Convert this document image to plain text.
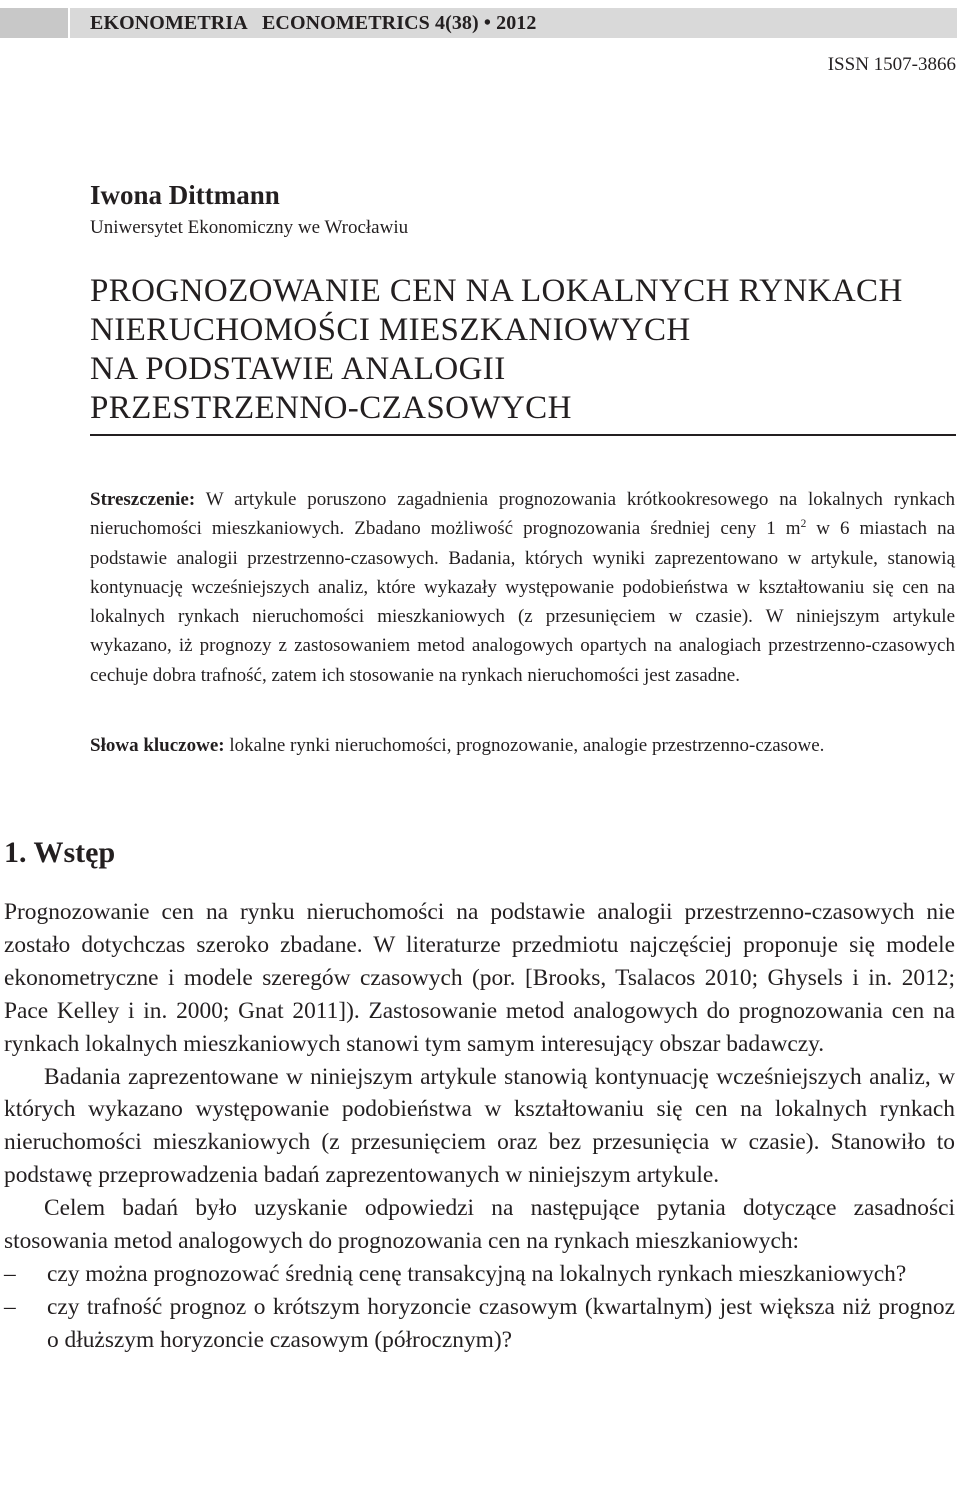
EKONOMETRIA   ECONOMETRICS 4(38) • 2012
ISSN 1507-3866
Iwona Dittmann
Uniwersytet Ekonomiczny we Wrocławiu
PROGNOZOWANIE CEN NA LOKALNYCH RYNKACH
NIERUCHOMOŚCI MIESZKANIOWYCH
NA PODSTAWIE ANALOGII
PRZESTRZENNO-CZASOWYCH
Streszczenie: W artykule poruszono zagadnienia prognozowania krótkookresowego na lokalnych rynkach nieruchomości mieszkaniowych. Zbadano możliwość prognozowania średniej ceny 1 $m^2$ w 6 miastach na podstawie analogii przestrzenno-czasowych. Badania, których wyniki zaprezentowano w artykule, stanowią kontynuację wcześniejszych analiz, które wykazały występowanie podobieństwa w kształtowaniu się cen na lokalnych rynkach nieruchomości mieszkaniowych (z przesunięciem w czasie). W niniejszym artykule wykazano, iż prognozy z zastosowaniem metod analogowych opartych na analogiach przestrzenno-czasowych cechuje dobra trafność, zatem ich stosowanie na rynkach nieruchomości jest zasadne.
Słowa kluczowe: lokalne rynki nieruchomości, prognozowanie, analogie przestrzenno-czasowe.
1. Wstęp

Prognozowanie cen na rynku nieruchomości na podstawie analogii przestrzenno-czasowych nie zostało dotychczas szeroko zbadane. W literaturze przedmiotu najczęściej proponuje się modele ekonometryczne i modele szeregów czasowych (por. [Brooks, Tsalacos 2010; Ghysels i in. 2012; Pace Kelley i in. 2000; Gnat 2011]). Zastosowanie metod analogowych do prognozowania cen na rynkach lokalnych mieszkaniowych stanowi tym samym interesujący obszar badawczy.

Badania zaprezentowane w niniejszym artykule stanowią kontynuację wcześniejszych analiz, w których wykazano występowanie podobieństwa w kształtowaniu się cen na lokalnych rynkach nieruchomości mieszkaniowych (z przesunięciem oraz bez przesunięcia w czasie). Stanowiło to podstawę przeprowadzenia badań zaprezentowanych w niniejszym artykule.

Celem badań było uzyskanie odpowiedzi na następujące pytania dotyczące zasadności stosowania metod analogowych do prognozowania cen na rynkach mieszkaniowych:

– czy można prognozować średnią cenę transakcyjną na lokalnych rynkach mieszkaniowych?
– czy trafność prognoz o krótszym horyzoncie czasowym (kwartalnym) jest większa niż prognoz o dłuższym horyzoncie czasowym (półrocznym)?
